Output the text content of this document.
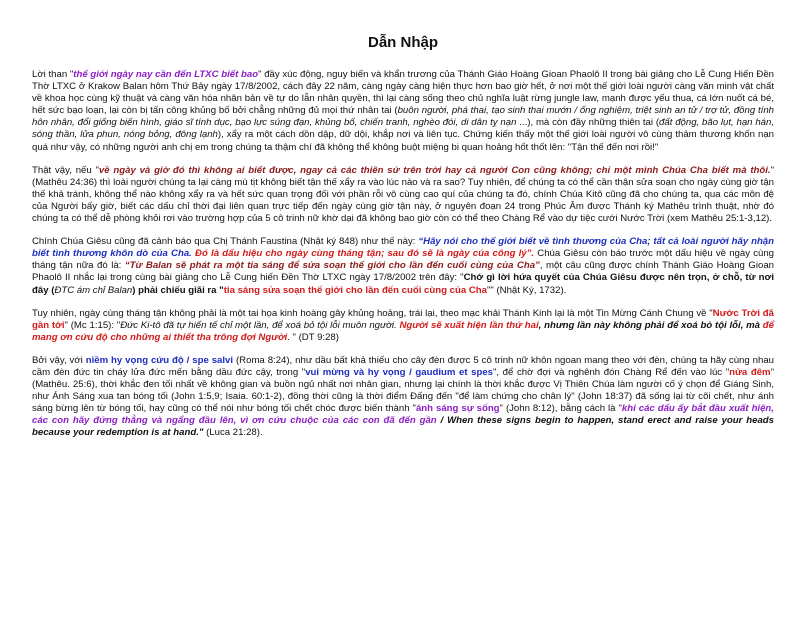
Dẫn Nhập

Lời than "thế giới ngày nay cần đến LTXC biết bao" đầy xúc động, nguy biến và khẩn trương của Thánh Giáo Hoàng Gioan Phaolô II trong bài giảng cho Lễ Cung Hiến Đền Thờ LTXC ở Krakow Balan hôm Thứ Bảy ngày 17/8/2002, cách đây 22 năm, càng ngày càng hiện thực hơn bao giờ hết, ở nơi một thế giới loài người càng văn minh vật chất về khoa học cùng kỹ thuật và càng văn hóa nhân bản về tự do lẫn nhân quyền, thì lại càng sống theo chủ nghĩa luật rừng jungle law, mạnh được yếu thua, cá lớn nuốt cá bé, hết sức bạo loạn, lại còn bị tấn công khủng bố bởi chẳng những đủ mọi thứ nhân tai (buôn người, phá thai, tạo sinh thai mướn / ống nghiệm, triệt sinh an tử / trợ tử, đồng tính hôn nhân, đổi giống biến hình, giáo sĩ tính dục, bạo lực súng đạn, khủng bố, chiến tranh, nghèo đói, di dân tỵ nạn ...), mà còn đầy những thiên tai (đất động, bão lụt, hạn hán, sóng thần, lửa phun, nóng bỏng, đông lạnh), xẩy ra một cách dồn dập, dữ dội, khắp nơi và liên tục. Chứng kiến thấy một thế giới loài người vô cùng thảm thương khốn nạn quá như vậy, có những người anh chị em trong chúng ta thậm chí đã không thể không buột miệng bi quan hoảng hốt thốt lên: "Tận thế đến nơi rồi!"

Thật vậy, nếu "về ngày và giờ đó thì không ai biết được, ngay cả các thiên sứ trên trời hay cả người Con cũng không; chỉ một mình Chúa Cha biết mà thôi." (Mathêu 24:36) thì loài người chúng ta lại càng mù tịt không biết tận thế xẩy ra vào lúc nào và ra sao? Tuy nhiên, để chúng ta có thể cần thận sửa soạn cho ngày cùng giờ tận thế khả tránh, không thể nào không xẩy ra và hết sức quan trọng đối với phần rỗi vô cùng cao quí của chúng ta đó, chính Chúa Kitô cũng đã cho chúng ta, qua các môn đệ của Người bấy giờ, biết các dấu chỉ thời đại liên quan trực tiếp đến ngày cùng giờ tận này, ở nguyên đoạn 24 trong Phúc Âm được Thánh ký Mathêu trình thuật, nhờ đó chúng ta có thể dễ phòng khỏi rơi vào trường hợp của 5 cô trinh nữ khờ dại đã không bao giờ còn có thể theo Chàng Rể vào dự tiệc cưới Nước Trời (xem Mathêu 25:1-3,12).

Chính Chúa Giêsu cũng đã cảnh báo qua Chị Thánh Faustina (Nhật ký 848) như thế này: “Hãy nói cho thế giới biết về tình thương của Cha; tất cả loài người hãy nhận biết tình thương khôn dò của Cha. Đó là dấu hiệu cho ngày cùng tháng tận; sau đó sẽ là ngày của công lý”. Chúa Giêsu còn báo trước một dấu hiệu về ngày cùng tháng tận nữa đó là: “Từ Balan sẽ phát ra một tia sáng để sửa soạn thế giới cho lần đến cuối cùng của Cha”, một câu cũng được chính Thánh Giáo Hoàng Gioan Phaolô II nhắc lại trong cùng bài giảng cho Lễ Cung hiến Đền Thờ LTXC ngày 17/8/2002 trên đây: "Chớ gì lời hứa quyết của Chúa Giêsu được nên trọn, ở chỗ, từ nơi đây (ĐTC ám chỉ Balan) phải chiếu giãi ra "tia sáng sửa soạn thế giới cho lần đến cuối cùng của Cha"" (Nhật Ký, 1732).

Tuy nhiên, ngày cùng tháng tận không phải là một tai họa kinh hoàng gây khủng hoảng, trái lại, theo mạc khải Thánh Kinh lại là một Tin Mừng Cánh Chung về "Nước Trời đã gần tới" (Mc 1:15): "Đức Ki-tô đã tự hiến tế chỉ một lần, để xoá bỏ tội lỗi muôn người. Người sẽ xuất hiện lần thứ hai, nhưng lần này không phải để xoá bỏ tội lỗi, mà để mang ơn cứu độ cho những ai thiết tha trông đợi Người. " (DT 9:28)

Bởi vậy, với niềm hy vọng cứu độ / spe salvi (Roma 8:24), như dầu bất khả thiếu cho cây đèn được 5 cô trinh nữ khôn ngoan mang theo với đèn, chúng ta hãy cùng nhau cầm đèn đức tin cháy lửa đức mến bằng dầu đức cậy, trong "vui mừng và hy vọng / gaudium et spes", để chờ đợi và nghênh đón Chàng Rể đến vào lúc "nửa đêm" (Mathêu. 25:6), thời khắc đen tối nhất về không gian và buồn ngủ nhất nơi nhân gian, nhưng lại chính là thời khắc được Vị Thiên Chúa làm người cố ý chọn để Giáng Sinh, như Ánh Sáng xua tan bóng tối (John 1:5,9; Isaia. 60:1-2), đồng thời cũng là thời điểm Đấng đến "để làm chứng cho chân lý" (John 18:37) đã sống lại từ cõi chết, như ánh sáng bừng lên từ bóng tối, hay cũng có thể nói như bóng tối chết chóc được biến thành "ánh sáng sự sống" (John 8:12), bằng cách là "khi các dấu ấy bắt đầu xuất hiện, các con hãy đứng thẳng và ngẩng đầu lên, vì ơn cứu chuộc của các con đã đến gần / When these signs begin to happen, stand erect and raise your heads because your redemption is at hand." (Luca 21:28).
